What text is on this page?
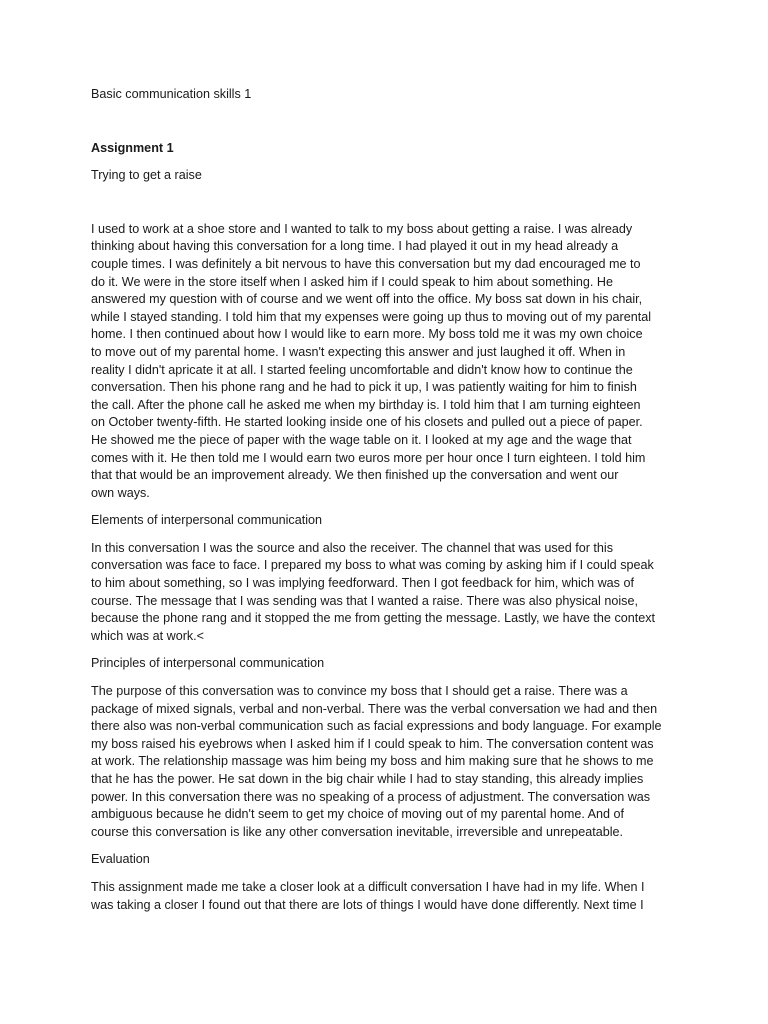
Basic communication skills 1

Assignment 1

Trying to get a raise

I used to work at a shoe store and I wanted to talk to my boss about getting a raise. I was already
thinking about having this conversation for a long time. I had played it out in my head already a
couple times. I was definitely a bit nervous to have this conversation but my dad encouraged me to
do it. We were in the store itself when I asked him if I could speak to him about something. He
answered my question with of course and we went off into the office. My boss sat down in his chair,
while I stayed standing. I told him that my expenses were going up thus to moving out of my parental
home. I then continued about how I would like to earn more. My boss told me it was my own choice
to move out of my parental home. I wasn't expecting this answer and just laughed it off. When in
reality I didn't apricate it at all. I started feeling uncomfortable and didn't know how to continue the
conversation. Then his phone rang and he had to pick it up, I was patiently waiting for him to finish
the call. After the phone call he asked me when my birthday is. I told him that I am turning eighteen
on October twenty-fifth. He started looking inside one of his closets and pulled out a piece of paper.
He showed me the piece of paper with the wage table on it. I looked at my age and the wage that
comes with it. He then told me I would earn two euros more per hour once I turn eighteen. I told him
that that would be an improvement already. We then finished up the conversation and went our
own ways.

Elements of interpersonal communication

In this conversation I was the source and also the receiver. The channel that was used for this
conversation was face to face. I prepared my boss to what was coming by asking him if I could speak
to him about something, so I was implying feedforward. Then I got feedback for him, which was of
course. The message that I was sending was that I wanted a raise. There was also physical noise,
because the phone rang and it stopped the me from getting the message. Lastly, we have the context
which was at work.<

Principles of interpersonal communication

The purpose of this conversation was to convince my boss that I should get a raise. There was a
package of mixed signals, verbal and non-verbal. There was the verbal conversation we had and then
there also was non-verbal communication such as facial expressions and body language. For example
my boss raised his eyebrows when I asked him if I could speak to him. The conversation content was
at work. The relationship massage was him being my boss and him making sure that he shows to me
that he has the power. He sat down in the big chair while I had to stay standing, this already implies
power. In this conversation there was no speaking of a process of adjustment. The conversation was
ambiguous because he didn't seem to get my choice of moving out of my parental home. And of
course this conversation is like any other conversation inevitable, irreversible and unrepeatable.

Evaluation

This assignment made me take a closer look at a difficult conversation I have had in my life. When I
was taking a closer I found out that there are lots of things I would have done differently. Next time I
